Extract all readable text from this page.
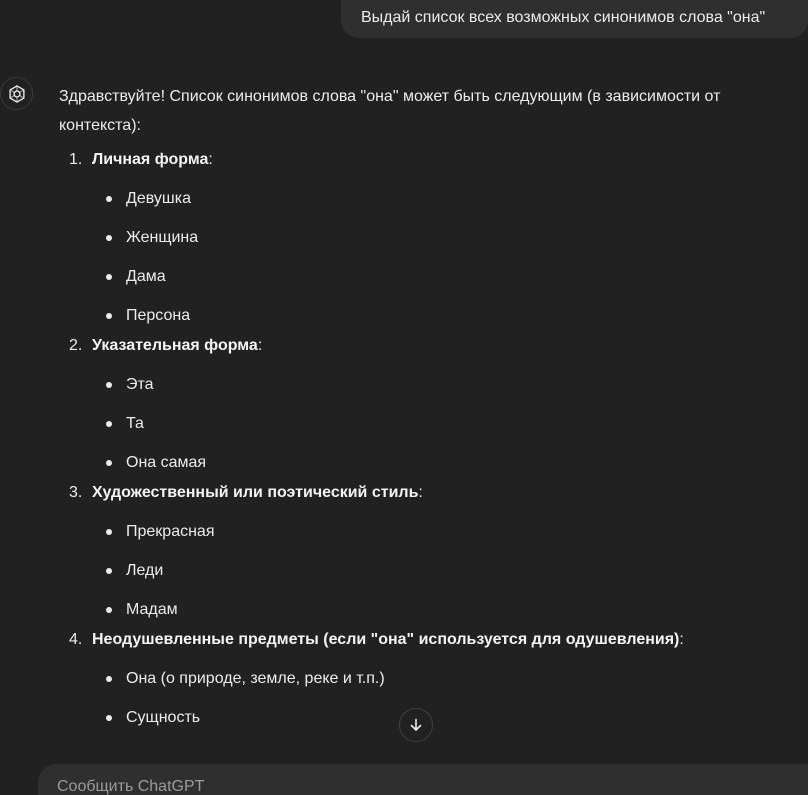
Выдай список всех возможных синонимов слова "она"

Здравствуйте! Список синонимов слова "она" может быть следующим (в зависимости от контекста):

1. Личная форма:
Девушка
Женщина
Дама
Персона
2. Указательная форма:
Эта
Та
Она самая
3. Художественный или поэтический стиль:
Прекрасная
Леди
Мадам
4. Неодушевленные предметы (если "она" используется для одушевления):
Она (о природе, земле, реке и т.п.)
Сущность
Сообщить ChatGPT
